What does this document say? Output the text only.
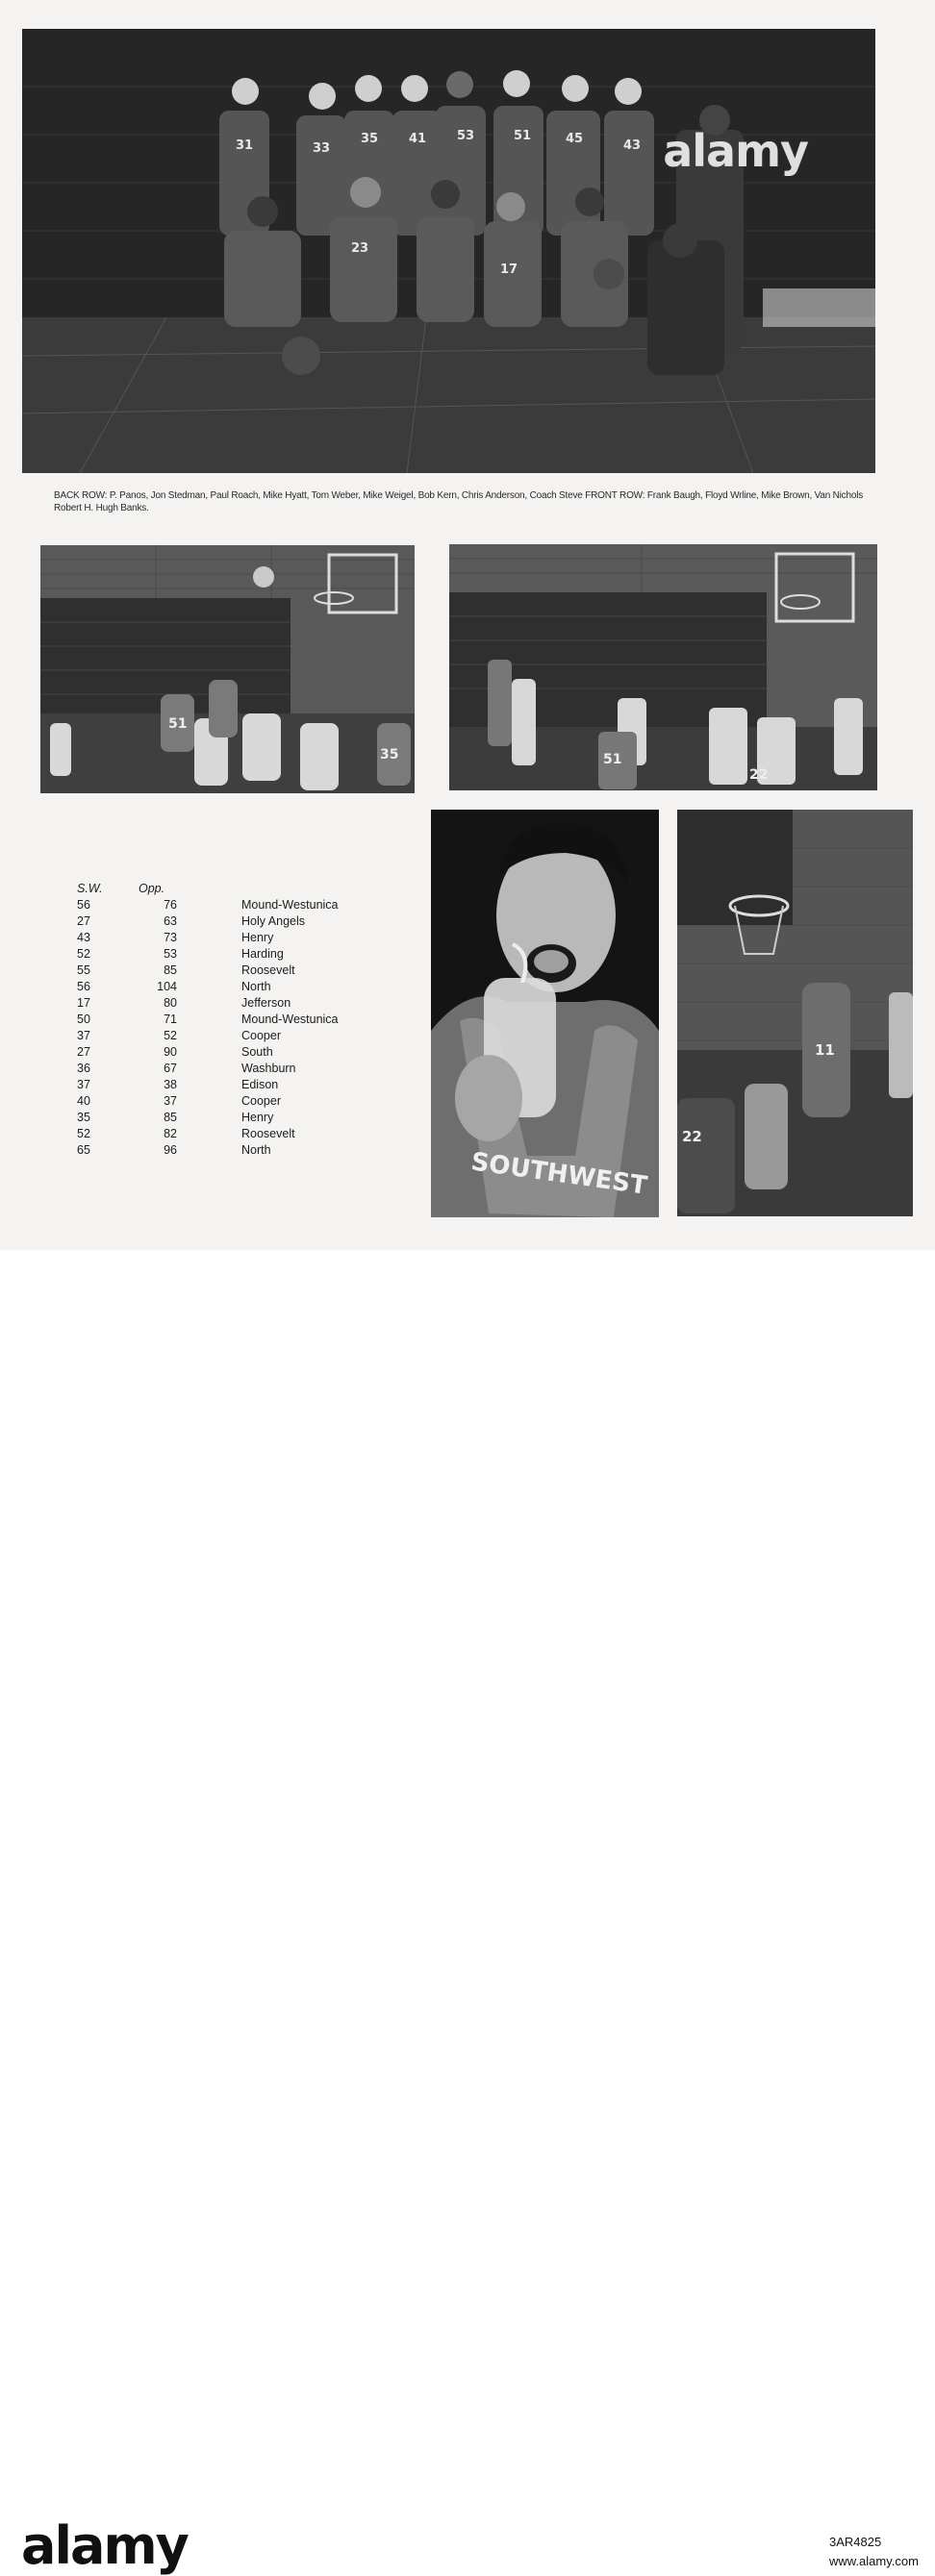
31	33
35 41 53	51	45	43
23
17
alamy
BACK ROW: P. Panos, Jon Stedman, Paul Roach, Mike Hyatt, Tom Weber, Mike Weigel, Bob Kern, Chris Anderson, Coach Steve FRONT ROW: Frank Baugh, Floyd Wrline, Mike Brown, Van Nichols Robert H. Hugh Banks.
51
35	51
22
S.W.	Opp.
56	76	Mound-Westunica
27	63	Holy Angels
43	73	Henry
52	53	Harding
55	85	Roosevelt
56	104	North
17	80	Jefferson
50	71	Mound-Westunica
37	52	Cooper
27	90	South
36	67	Washburn
37	38	Edison
40	37	Cooper
35	85	Henry
52	82	Roosevelt
65	96	North	SOUTHWEST
11
22
alamy	3AR4825
www.alamy.com
